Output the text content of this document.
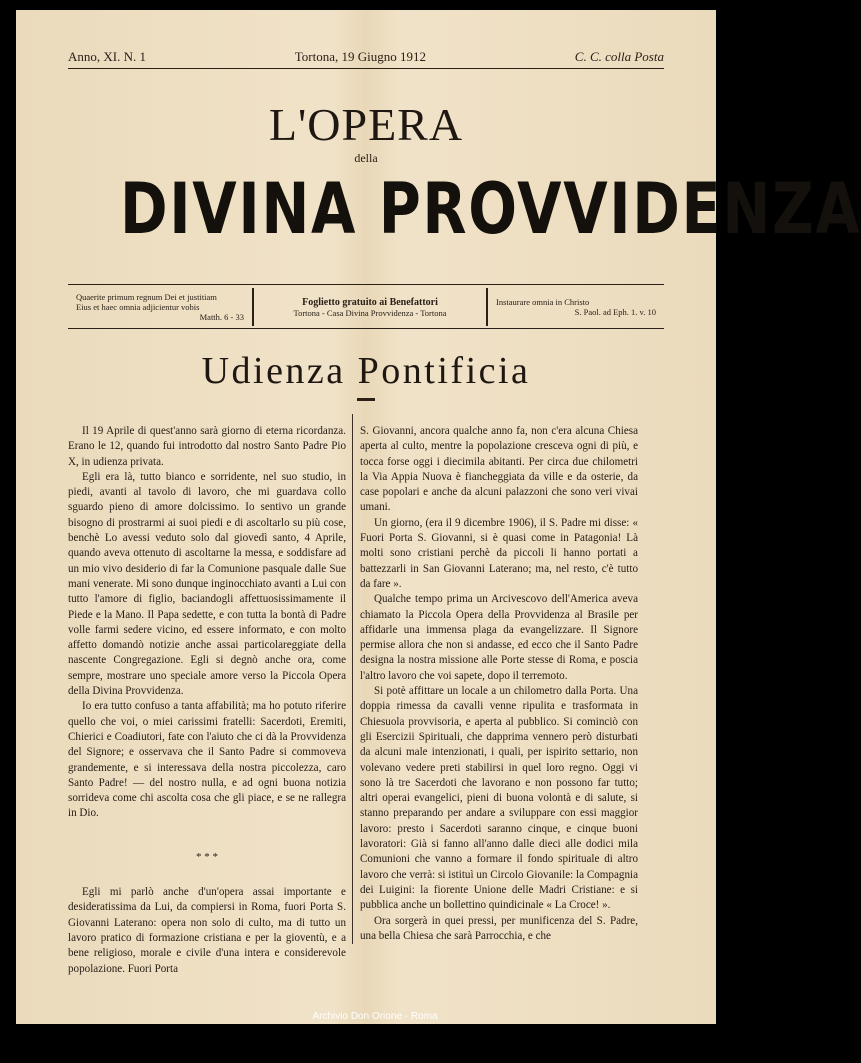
Anno, XI. N. 1	Tortona, 19 Giugno 1912	C. C. colla Posta
L'OPERA
della
DIVINA PROVVIDENZA
Quaerite primum regnum Dei et justitiam
Eius et haec omnia adjicientur vobis
Matth. 6 - 33
Foglietto gratuito ai Benefattori
Tortona - Casa Divina Provvidenza - Tortona
Instaurare omnia in Christo
S. Paol. ad Eph. 1. v. 10
Udienza Pontificia

Il 19 Aprile di quest'anno sarà giorno di eterna ricordanza. Erano le 12, quando fui introdotto dal nostro Santo Padre Pio X, in udienza privata.

Egli era là, tutto bianco e sorridente, nel suo studio, in piedi, avanti al tavolo di lavoro, che mi guardava collo sguardo pieno di amore dolcissimo. Io sentivo un grande bisogno di prostrarmi ai suoi piedi e di ascoltarlo su più cose, benchè Lo avessi veduto solo dal giovedì santo, 4 Aprile, quando aveva ottenuto di ascoltarne la messa, e soddisfare ad un mio vivo desiderio di far la Comunione pasquale dalle Sue mani venerate. Mi sono dunque inginocchiato avanti a Lui con tutto l'amore di figlio, baciandogli affettuosissimamente il Piede e la Mano. Il Papa sedette, e con tutta la bontà di Padre volle farmi sedere vicino, ed essere informato, e con molto affetto domandò notizie anche assai particolareggiate della nascente Congregazione. Egli si degnò anche ora, come sempre, mostrare uno speciale amore verso la Piccola Opera della Divina Provvidenza.

Io era tutto confuso a tanta affabilità; ma ho potuto riferire quello che voi, o miei carissimi fratelli: Sacerdoti, Eremiti, Chierici e Coadiutori, fate con l'aiuto che ci dà la Provvidenza del Signore; e osservava che il Santo Padre si commoveva grandemente, e si interessava della nostra piccolezza, caro Santo Padre! — del nostro nulla, e ad ogni buona notizia sorrideva come chi ascolta cosa che gli piace, e se ne rallegra in Dio.

* * *

Egli mi parlò anche d'un'opera assai importante e desideratissima da Lui, da compiersi in Roma, fuori Porta S. Giovanni Laterano: opera non solo di culto, ma di tutto un lavoro pratico di formazione cristiana e per la gioventù, e a bene religioso, morale e civile d'una intera e considerevole popolazione. Fuori Porta

S. Giovanni, ancora qualche anno fa, non c'era alcuna Chiesa aperta al culto, mentre la popolazione cresceva ogni di più, e tocca forse oggi i diecimila abitanti. Per circa due chilometri la Via Appia Nuova è fiancheggiata da ville e da osterie, da case popolari e anche da alcuni palazzoni che sono veri vivai umani.

Un giorno, (era il 9 dicembre 1906), il S. Padre mi disse: « Fuori Porta S. Giovanni, si è quasi come in Patagonia! Là molti sono cristiani perchè da piccoli li hanno portati a battezzarli in San Giovanni Laterano; ma, nel resto, c'è tutto da fare ».

Qualche tempo prima un Arcivescovo dell'America aveva chiamato la Piccola Opera della Provvidenza al Brasile per affidarle una immensa plaga da evangelizzare. Il Signore permise allora che non si andasse, ed ecco che il Santo Padre designa la nostra missione alle Porte stesse di Roma, e poscia l'altro lavoro che voi sapete, dopo il terremoto.

Si potè affittare un locale a un chilometro dalla Porta. Una doppia rimessa da cavalli venne ripulita e trasformata in Chiesuola provvisoria, e aperta al pubblico. Si cominciò con gli Esercizii Spirituali, che dapprima vennero però disturbati da alcuni male intenzionati, i quali, per ispirito settario, non volevano vedere preti stabilirsi in quel loro regno. Oggi vi sono là tre Sacerdoti che lavorano e non possono far tutto; altri operai evangelici, pieni di buona volontà e di salute, si stanno preparando per andare a sviluppare con essi maggior lavoro: presto i Sacerdoti saranno cinque, e cinque buoni lavoratori: Già si fanno all'anno dalle dieci alle dodici mila Comunioni che vanno a formare il fondo spirituale di altro lavoro che verrà: si istituì un Circolo Giovanile: la Compagnia dei Luigini: la fiorente Unione delle Madri Cristiane: e si pubblica anche un bollettino quindicinale « La Croce! ».

Ora sorgerà in quei pressi, per munificenza del S. Padre, una bella Chiesa che sarà Parrocchia, e che

Archivio Don Orione - Roma
